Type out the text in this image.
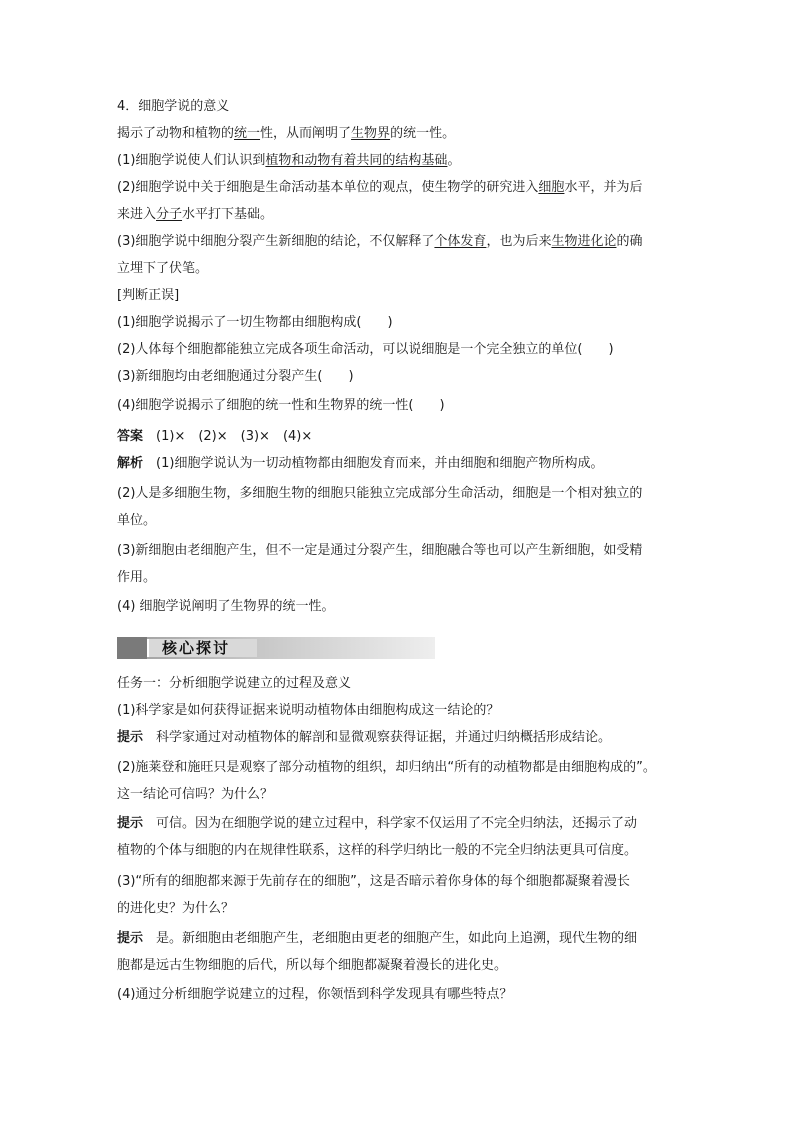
4．细胞学说的意义
揭示了动物和植物的统一性，从而阐明了生物界的统一性。
(1)细胞学说使人们认识到植物和动物有着共同的结构基础。
(2)细胞学说中关于细胞是生命活动基本单位的观点，使生物学的研究进入细胞水平，并为后
来进入分子水平打下基础。
(3)细胞学说中细胞分裂产生新细胞的结论，不仅解释了个体发育，也为后来生物进化论的确
立埋下了伏笔。
[判断正误]
(1)细胞学说揭示了一切生物都由细胞构成(　　)
(2)人体每个细胞都能独立完成各项生命活动，可以说细胞是一个完全独立的单位(　　)
(3)新细胞均由老细胞通过分裂产生(　　)
(4)细胞学说揭示了细胞的统一性和生物界的统一性(　　)
答案　 (1)×　(2)×　(3)×　(4)×
解析　 (1)细胞学说认为一切动植物都由细胞发育而来，并由细胞和细胞产物所构成。
(2)人是多细胞生物，多细胞生物的细胞只能独立完成部分生命活动，细胞是一个相对独立的
单位。
(3)新细胞由老细胞产生，但不一定是通过分裂产生，细胞融合等也可以产生新细胞，如受精
作用。
(4) 细胞学说阐明了生物界的统一性。
核心探讨
任务一：分析细胞学说建立的过程及意义
(1)科学家是如何获得证据来说明动植物体由细胞构成这一结论的？
提示　 科学家通过对动植物体的解剖和显微观察获得证据，并通过归纳概括形成结论。
(2)施莱登和施旺只是观察了部分动植物的组织，却归纳出“所有的动植物都是由细胞构成的”。
这一结论可信吗？为什么？
提示　 可信。因为在细胞学说的建立过程中，科学家不仅运用了不完全归纳法，还揭示了动
植物的个体与细胞的内在规律性联系，这样的科学归纳比一般的不完全归纳法更具可信度。
(3)“所有的细胞都来源于先前存在的细胞”，这是否暗示着你身体的每个细胞都凝聚着漫长
的进化史？为什么？
提示　 是。新细胞由老细胞产生，老细胞由更老的细胞产生，如此向上追溯，现代生物的细
胞都是远古生物细胞的后代，所以每个细胞都凝聚着漫长的进化史。
(4)通过分析细胞学说建立的过程，你领悟到科学发现具有哪些特点？
